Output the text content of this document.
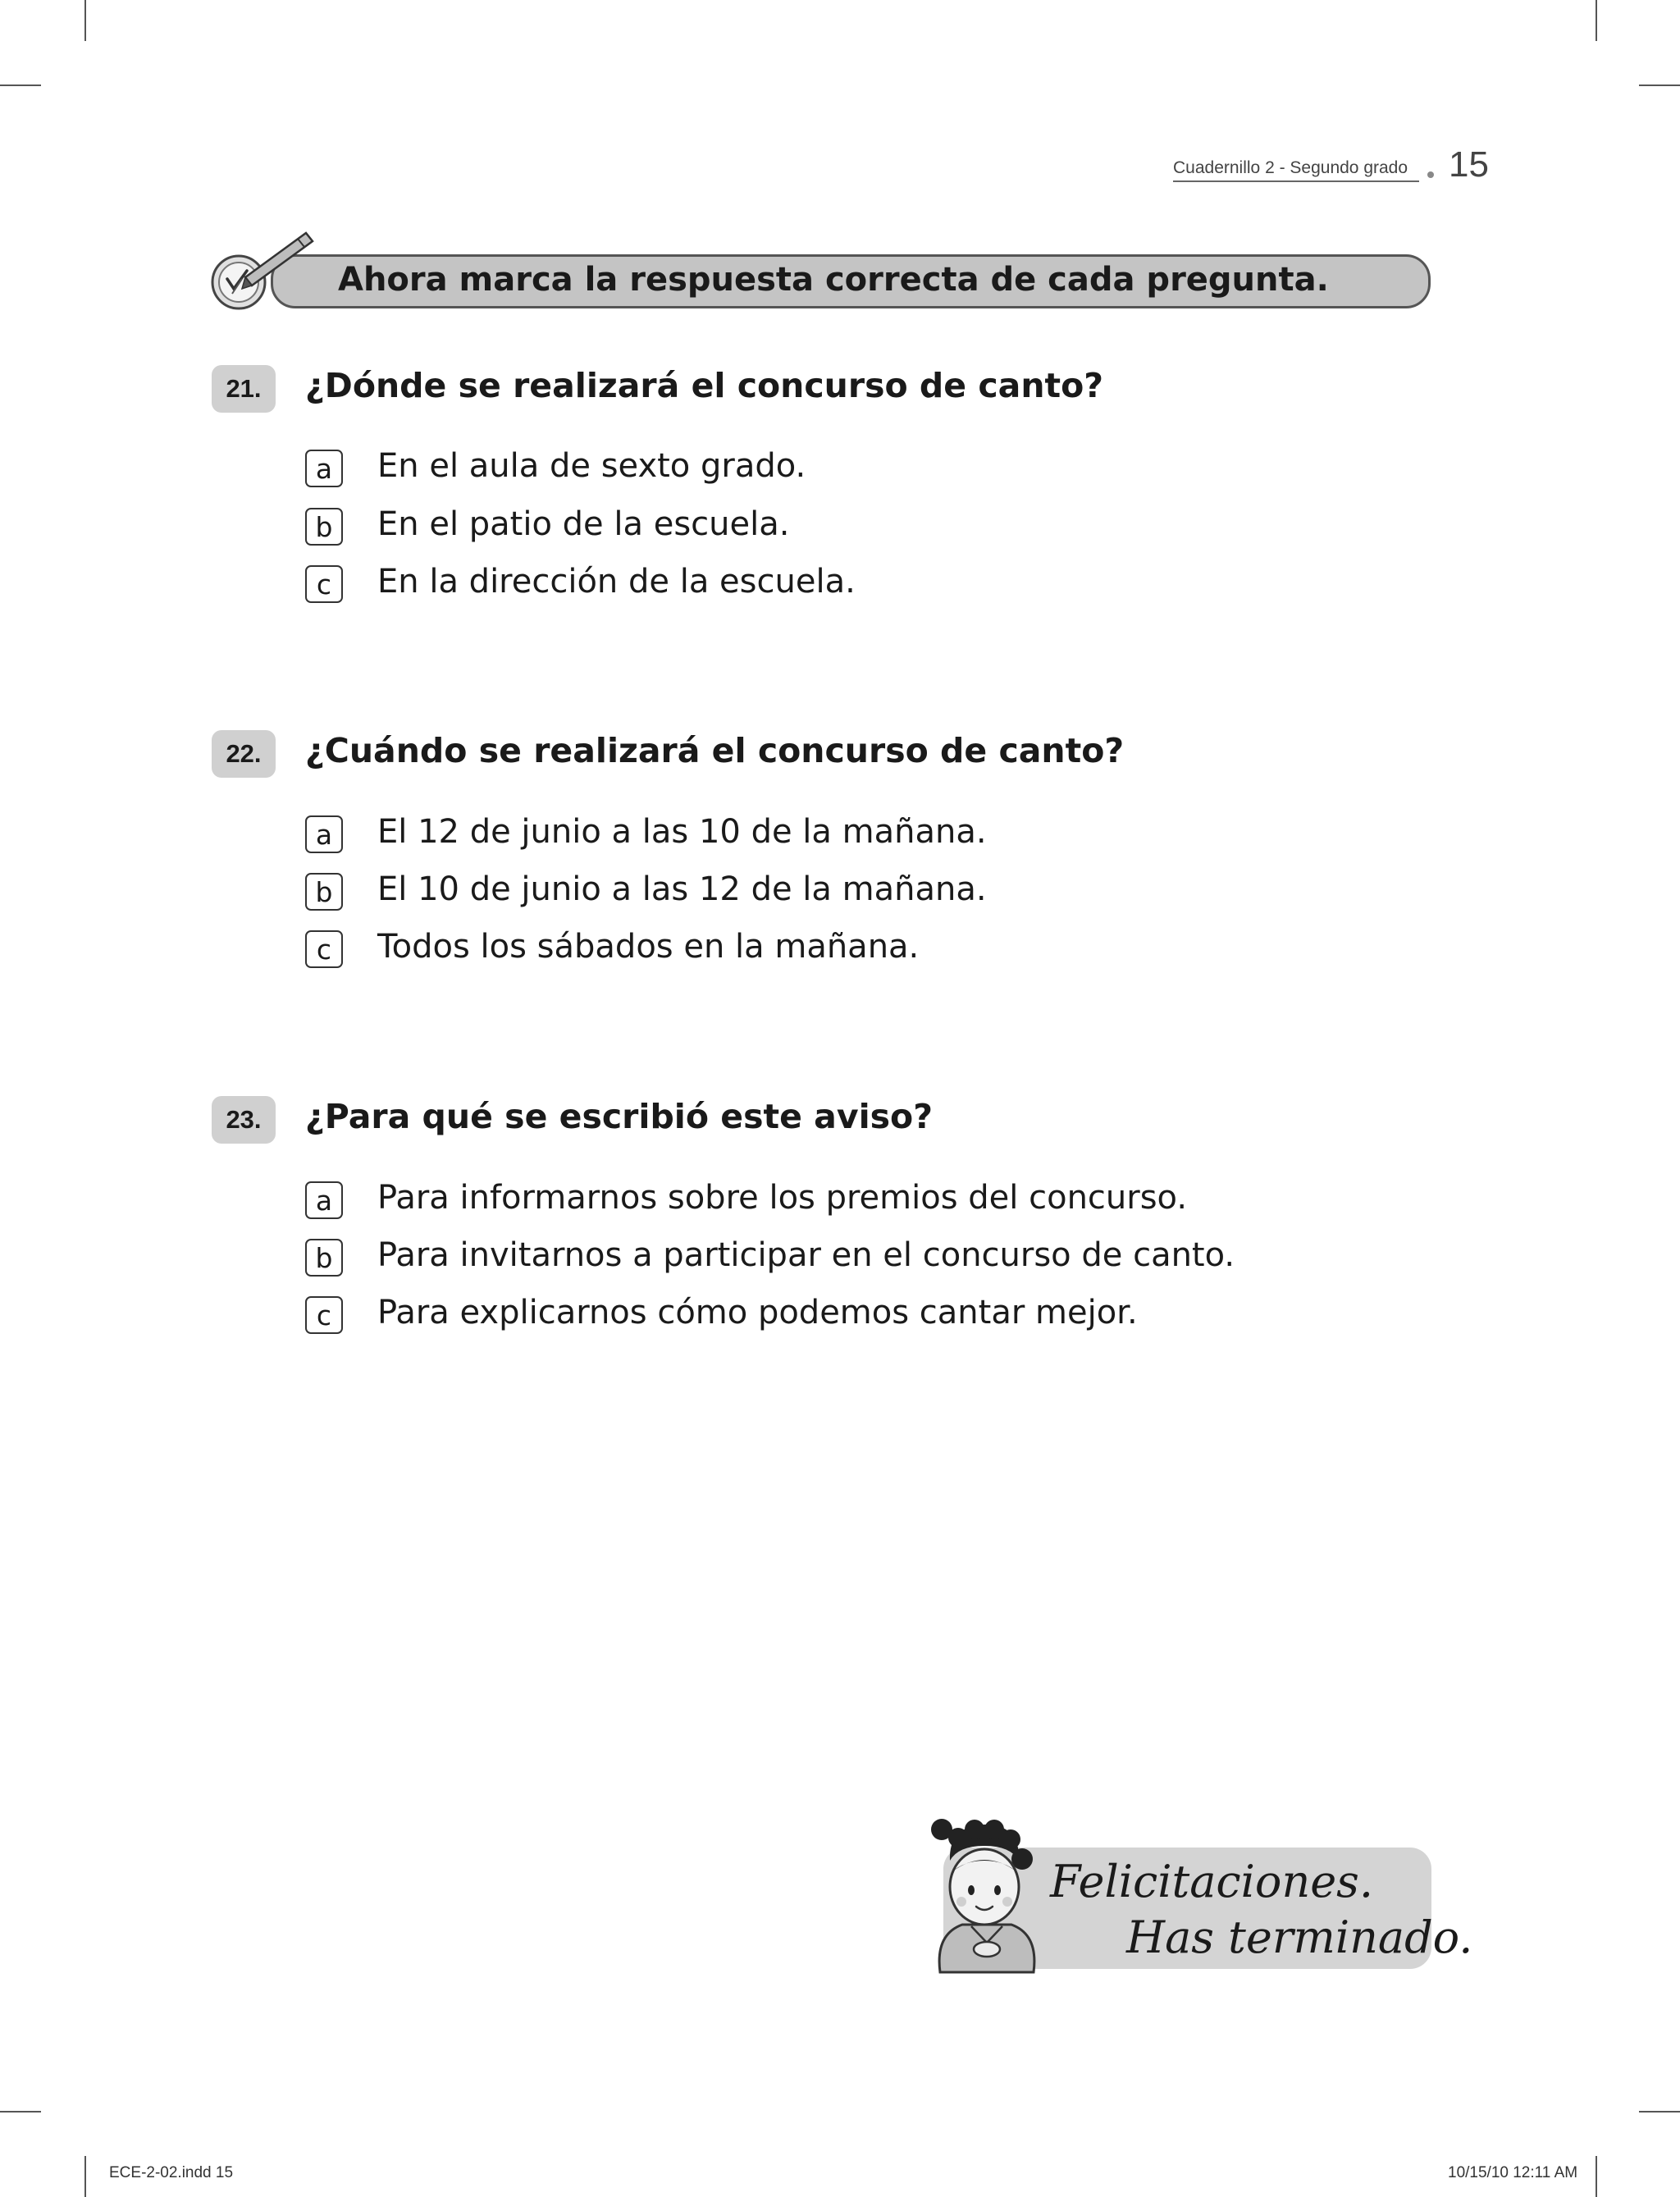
Cuadernillo 2 - Segundo grado	15
Ahora marca la respuesta correcta de cada pregunta.
21.	¿Dónde se realizará el concurso de canto?
a	En el aula de sexto grado.
b	En el patio de la escuela.
c	En la dirección de la escuela.
22.	¿Cuándo se realizará el concurso de canto?
a	El 12 de junio a las 10 de la mañana.
b	El 10 de junio a las 12 de la mañana.
c	Todos los sábados en la mañana.
23.	¿Para qué se escribió este aviso?
a	Para informarnos sobre los premios del concurso.
b	Para invitarnos a participar en el concurso de canto.
c	Para explicarnos cómo podemos cantar mejor.
Felicitaciones.
Has terminado.
ECE-2-02.indd 15	10/15/10 12:11 AM
